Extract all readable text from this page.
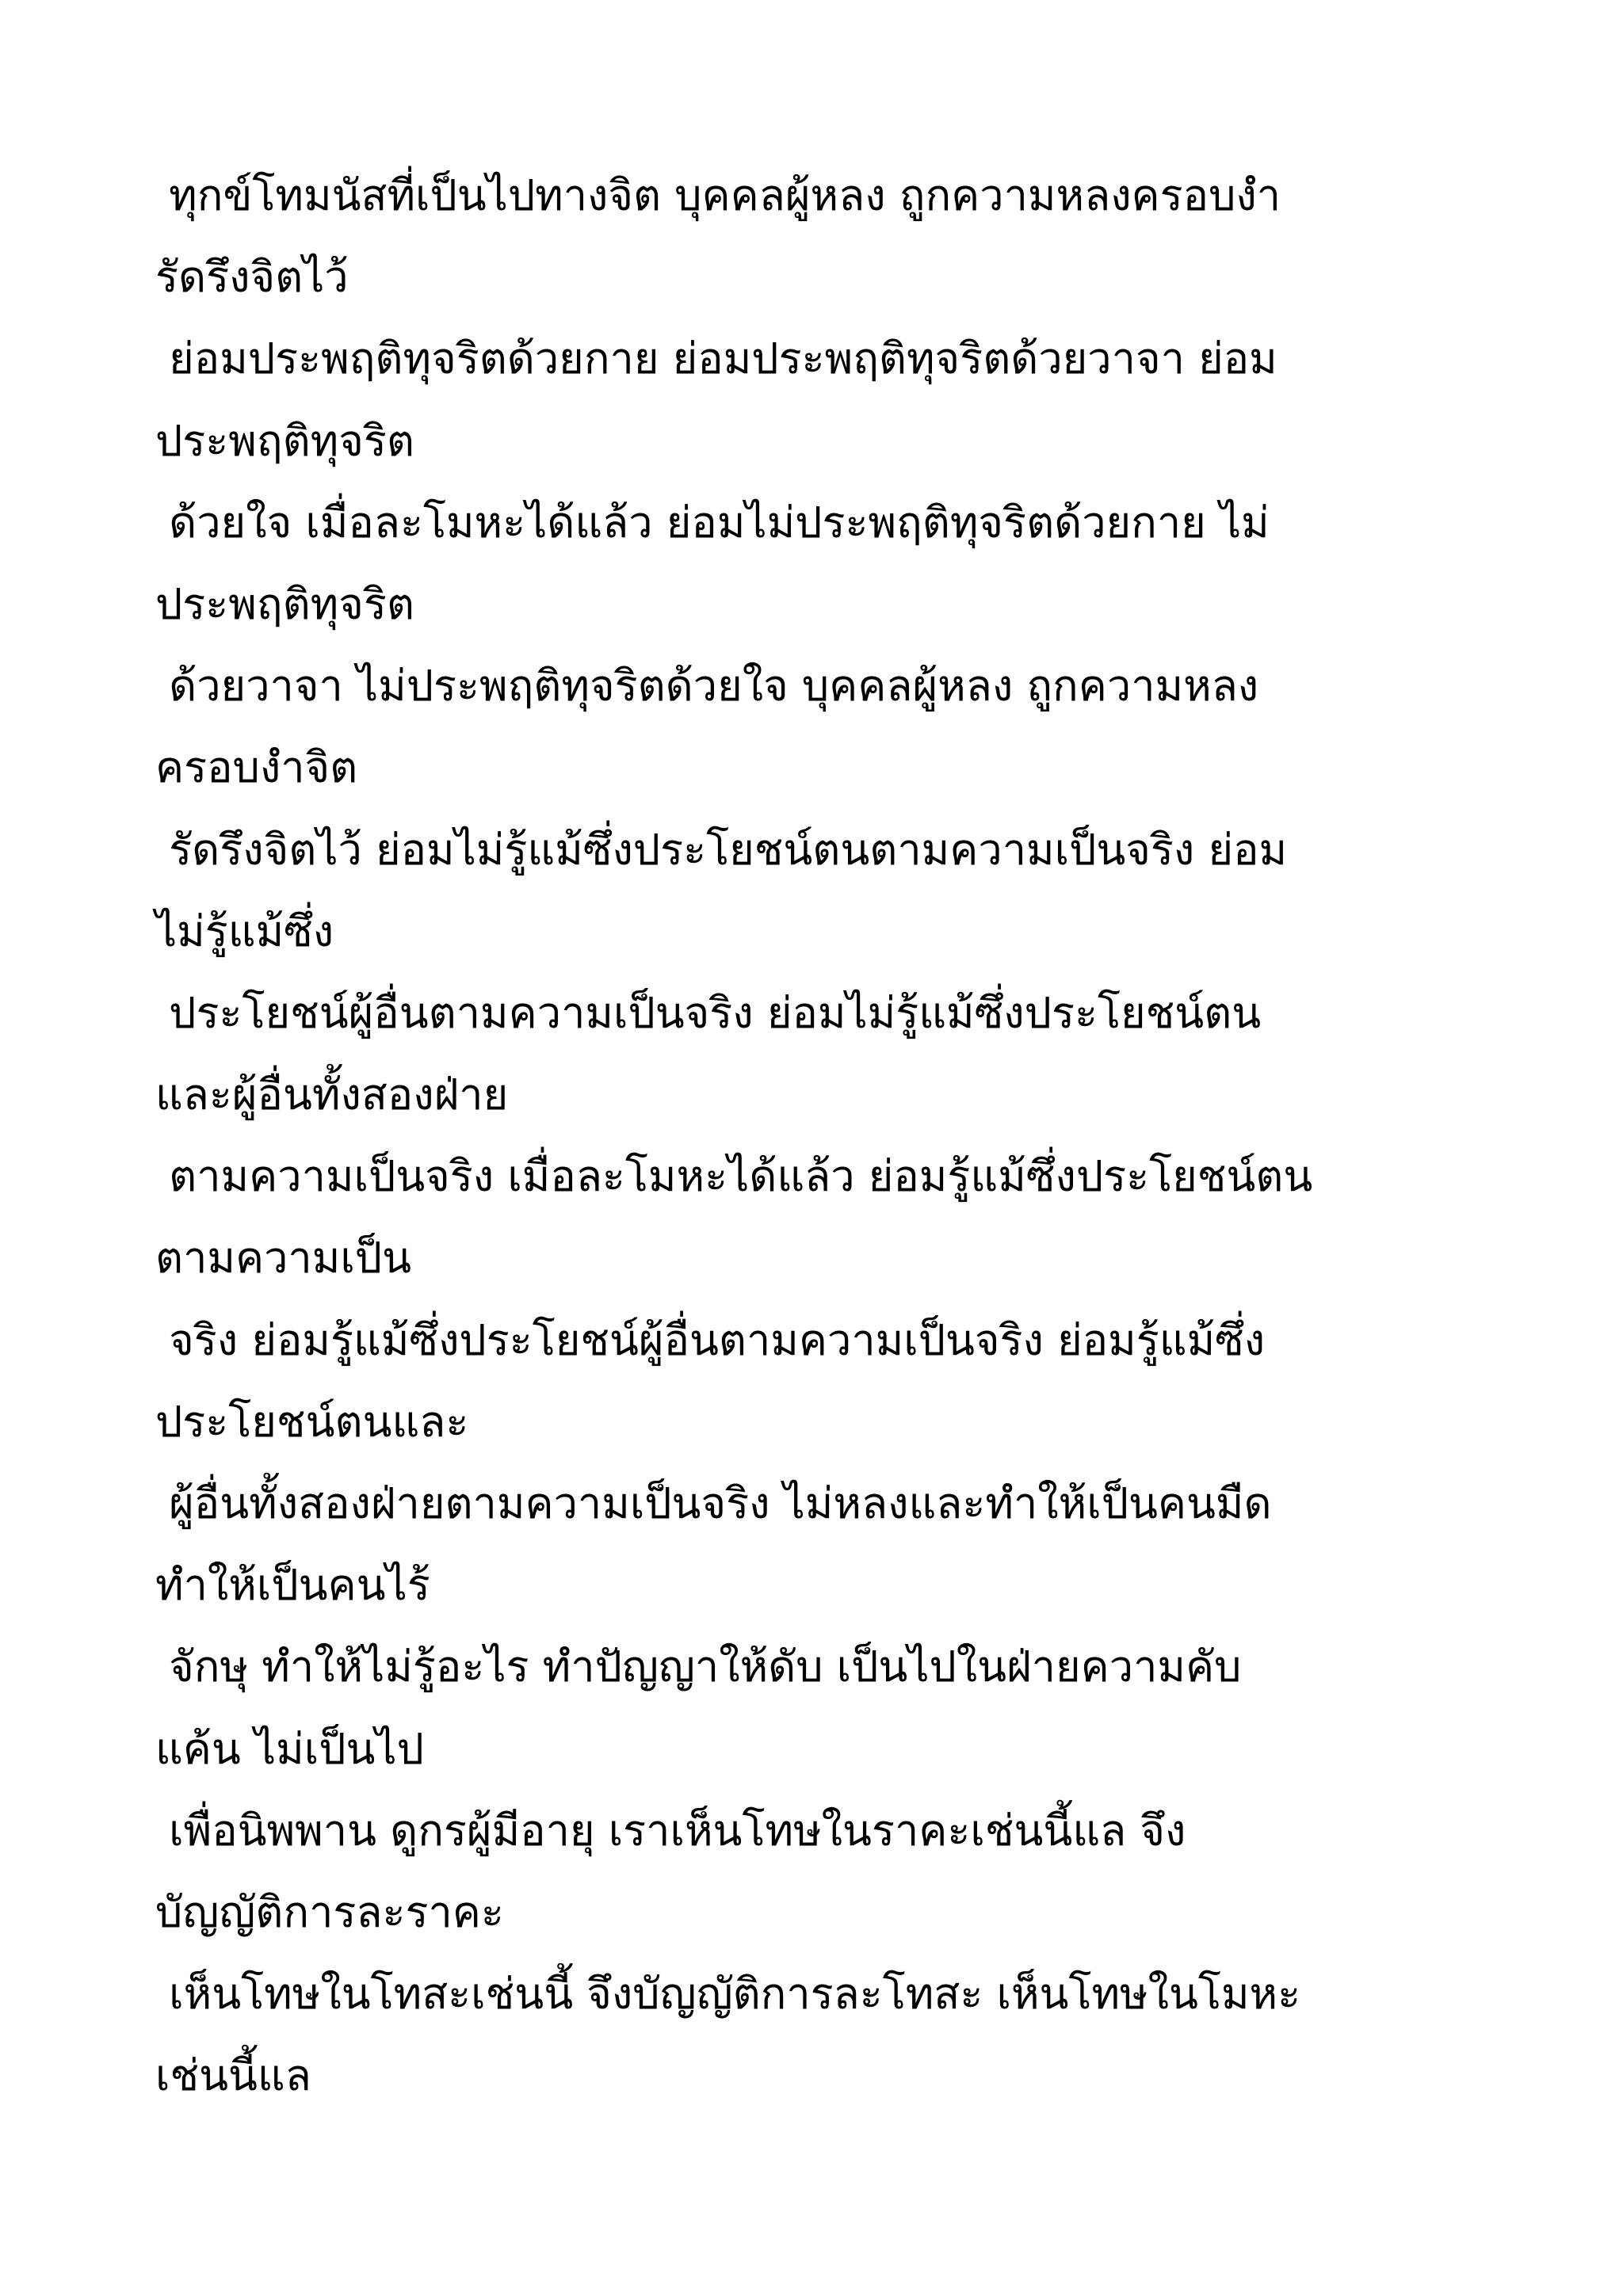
ทุกข์โทมนัสที่เป็นไปทางจิต บุคคลผู้หลง ถูกความหลงครอบงำ

รัดรึงจิตไว้

ย่อมประพฤติทุจริตด้วยกาย ย่อมประพฤติทุจริตด้วยวาจา ย่อม

ประพฤติทุจริต

ด้วยใจ เมื่อละโมหะได้แล้ว ย่อมไม่ประพฤติทุจริตด้วยกาย ไม่

ประพฤติทุจริต

ด้วยวาจา ไม่ประพฤติทุจริตด้วยใจ บุคคลผู้หลง ถูกความหลง

ครอบงำจิต

รัดรึงจิตไว้ ย่อมไม่รู้แม้ซึ่งประโยชน์ตนตามความเป็นจริง ย่อม

ไม่รู้แม้ซึ่ง

ประโยชน์ผู้อื่นตามความเป็นจริง ย่อมไม่รู้แม้ซึ่งประโยชน์ตน

และผู้อื่นทั้งสองฝ่าย

ตามความเป็นจริง เมื่อละโมหะได้แล้ว ย่อมรู้แม้ซึ่งประโยชน์ตน

ตามความเป็น

จริง ย่อมรู้แม้ซึ่งประโยชน์ผู้อื่นตามความเป็นจริง ย่อมรู้แม้ซึ่ง

ประโยชน์ตนและ

ผู้อื่นทั้งสองฝ่ายตามความเป็นจริง ไม่หลงและทำให้เป็นคนมืด

ทำให้เป็นคนไร้

จักษุ ทำให้ไม่รู้อะไร ทำปัญญาให้ดับ เป็นไปในฝ่ายความคับ

แค้น ไม่เป็นไป

เพื่อนิพพาน ดูกรผู้มีอายุ เราเห็นโทษในราคะเช่นนี้แล จึง

บัญญัติการละราคะ

เห็นโทษในโทสะเช่นนี้ จึงบัญญัติการละโทสะ เห็นโทษในโมหะ

เช่นนี้แล
